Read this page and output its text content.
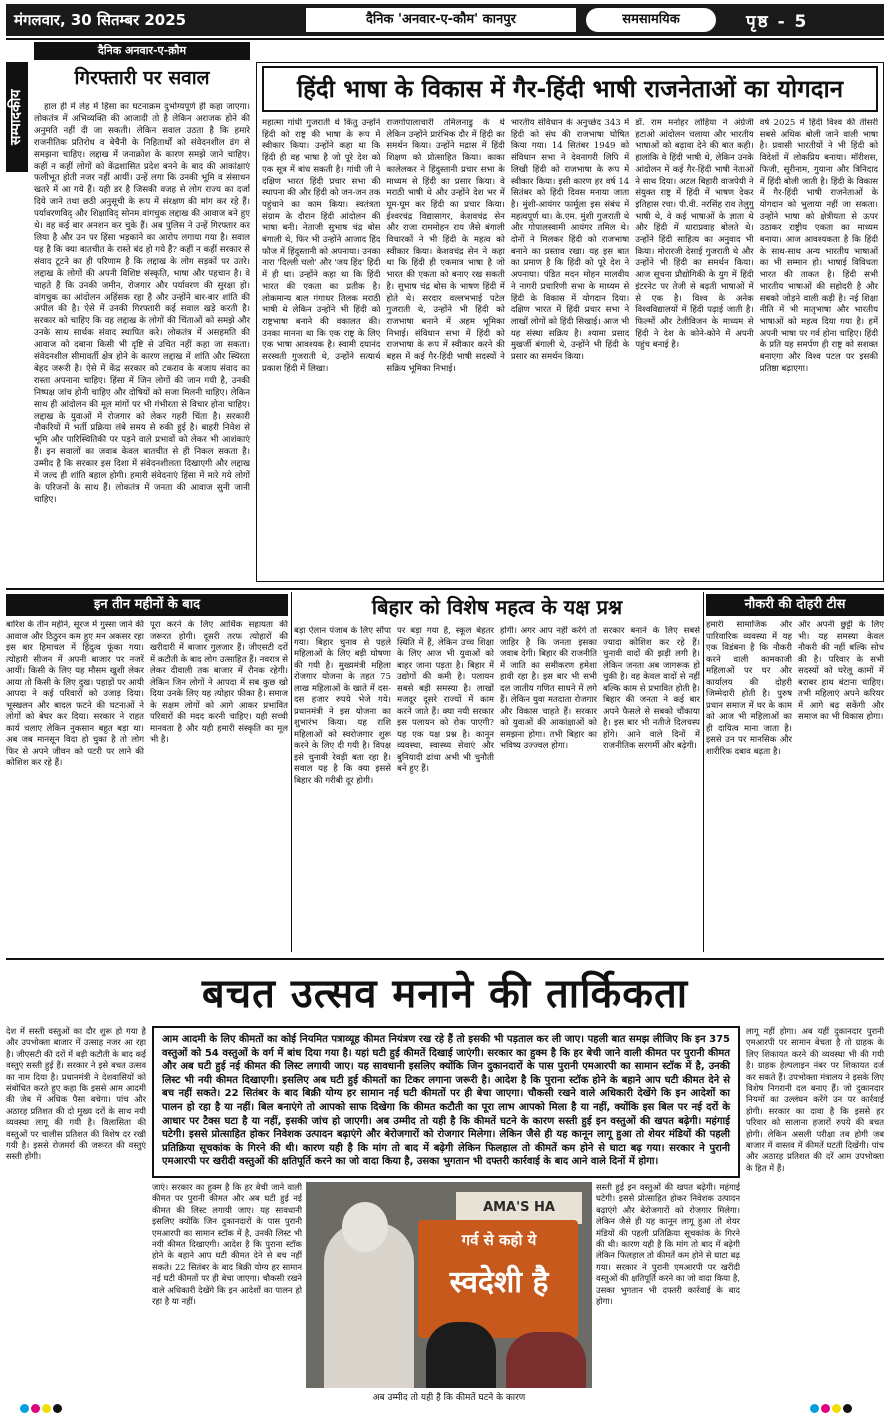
मंगलवार, 30 सितम्बर 2025	दैनिक 'अनवार-ए-कौम' कानपुर	समसामयिक	पृष्ठ - 5
सम्पादकीय
दैनिक अनवार-ए-क़ौम
गिरफ्तारी पर सवाल

हाल ही में लेह में हिंसा का घटनाक्रम दुर्भाग्यपूर्ण ही कहा जाएगा। लोकतंत्र में अभिव्यक्ति की आजादी तो है लेकिन अराजक होने की अनुमति नहीं दी जा सकती। लेकिन सवाल उठता है कि हमारे राजनीतिक प्रतिरोध व बेचैनी के निहितार्थों को संवेदनशील ढंग से समझना चाहिए। लद्दाख में जनाक्रोश के कारण समझे जाने चाहिए। कहीं न कहीं लोगों को केंद्रशासित प्रदेश बनने के बाद की आकांक्षाएं फलीभूत होती नजर नहीं आयीं। उन्हें लगा कि उनकी भूमि व संसाधन खतरे में आ गये हैं। यही डर है जिसकी वजह से लोग राज्य का दर्जा दिये जाने तथा छठी अनुसूची के रूप में संरक्षण की मांग कर रहे हैं। पर्यावरणविद् और शिक्षाविद् सोनम वांगचुक लद्दाख की आवाज बने हुए थे। वह कई बार अनशन कर चुके हैं। अब पुलिस ने उन्हें गिरफ्तार कर लिया है और उन पर हिंसा भड़काने का आरोप लगाया गया है। सवाल यह है कि क्या बातचीत के रास्ते बंद हो गये हैं? कहीं न कहीं सरकार से संवाद टूटने का ही परिणाम है कि लद्दाख के लोग सड़कों पर उतरे। लद्दाख के लोगों की अपनी विशिष्ट संस्कृति, भाषा और पहचान है। वे चाहते हैं कि उनकी जमीन, रोजगार और पर्यावरण की सुरक्षा हो। वांगचुक का आंदोलन अहिंसक रहा है और उन्होंने बार-बार शांति की अपील की है। ऐसे में उनकी गिरफ्तारी कई सवाल खड़े करती है। सरकार को चाहिए कि वह लद्दाख के लोगों की चिंताओं को समझे और उनके साथ सार्थक संवाद स्थापित करे। लोकतंत्र में असहमति की आवाज को दबाना किसी भी दृष्टि से उचित नहीं कहा जा सकता। संवेदनशील सीमावर्ती क्षेत्र होने के कारण लद्दाख में शांति और स्थिरता बेहद जरूरी है। ऐसे में केंद्र सरकार को टकराव के बजाय संवाद का रास्ता अपनाना चाहिए। हिंसा में जिन लोगों की जान गयी है, उनकी निष्पक्ष जांच होनी चाहिए और दोषियों को सजा मिलनी चाहिए। लेकिन साथ ही आंदोलन की मूल मांगों पर भी गंभीरता से विचार होना चाहिए। लद्दाख के युवाओं में रोजगार को लेकर गहरी चिंता है। सरकारी नौकरियों में भर्ती प्रक्रिया लंबे समय से रुकी हुई है। बाहरी निवेश से भूमि और पारिस्थितिकी पर पड़ने वाले प्रभावों को लेकर भी आशंकाएं हैं। इन सवालों का जवाब केवल बातचीत से ही निकल सकता है। उम्मीद है कि सरकार इस दिशा में संवेदनशीलता दिखाएगी और लद्दाख में जल्द ही शांति बहाल होगी। हमारी संवेदनाएं हिंसा में मारे गये लोगों के परिजनों के साथ हैं। लोकतंत्र में जनता की आवाज सुनी जानी चाहिए।

हिंदी भाषा के विकास में गैर-हिंदी भाषी राजनेताओं का योगदान
महात्मा गांधी गुजराती थे किंतु उन्होंने हिंदी को राष्ट्र की भाषा के रूप में स्वीकार किया। उन्होंने कहा था कि हिंदी ही वह भाषा है जो पूरे देश को एक सूत्र में बांध सकती है। गांधी जी ने दक्षिण भारत हिंदी प्रचार सभा की स्थापना की और हिंदी को जन-जन तक पहुंचाने का काम किया। स्वतंत्रता संग्राम के दौरान हिंदी आंदोलन की भाषा बनी। नेताजी सुभाष चंद्र बोस बंगाली थे, फिर भी उन्होंने आजाद हिंद फौज में हिंदुस्तानी को अपनाया। उनका नारा 'दिल्ली चलो' और 'जय हिंद' हिंदी में ही था। उन्होंने कहा था कि हिंदी भारत की एकता का प्रतीक है। लोकमान्य बाल गंगाधर तिलक मराठी भाषी थे लेकिन उन्होंने भी हिंदी को राष्ट्रभाषा बनाने की वकालत की। उनका मानना था कि एक राष्ट्र के लिए एक भाषा आवश्यक है। स्वामी दयानंद सरस्वती गुजराती थे, उन्होंने सत्यार्थ प्रकाश हिंदी में लिखा।
राजगोपालाचारी तमिलनाडु के थे लेकिन उन्होंने प्रारंभिक दौर में हिंदी का समर्थन किया। उन्होंने मद्रास में हिंदी शिक्षण को प्रोत्साहित किया। काका कालेलकर ने हिंदुस्तानी प्रचार सभा के माध्यम से हिंदी का प्रसार किया। वे मराठी भाषी थे और उन्होंने देश भर में घूम-घूम कर हिंदी का प्रचार किया। ईश्वरचंद्र विद्यासागर, केशवचंद्र सेन और राजा राममोहन राय जैसे बंगाली विचारकों ने भी हिंदी के महत्व को स्वीकार किया। केशवचंद्र सेन ने कहा था कि हिंदी ही एकमात्र भाषा है जो भारत की एकता को बनाए रख सकती है। सुभाष चंद्र बोस के भाषण हिंदी में होते थे। सरदार वल्लभभाई पटेल गुजराती थे, उन्होंने भी हिंदी को राजभाषा बनाने में अहम भूमिका निभाई। संविधान सभा में हिंदी को राजभाषा के रूप में स्वीकार करने की बहस में कई गैर-हिंदी भाषी सदस्यों ने सक्रिय भूमिका निभाई।
भारतीय संविधान के अनुच्छेद 343 में हिंदी को संघ की राजभाषा घोषित किया गया। 14 सितंबर 1949 को संविधान सभा ने देवनागरी लिपि में लिखी हिंदी को राजभाषा के रूप में स्वीकार किया। इसी कारण हर वर्ष 14 सितंबर को हिंदी दिवस मनाया जाता है। मुंशी-आयंगर फार्मूला इस संबंध में महत्वपूर्ण था। के.एम. मुंशी गुजराती थे और गोपालस्वामी आयंगर तमिल थे। दोनों ने मिलकर हिंदी को राजभाषा बनाने का प्रस्ताव रखा। यह इस बात का प्रमाण है कि हिंदी को पूरे देश ने अपनाया। पंडित मदन मोहन मालवीय ने नागरी प्रचारिणी सभा के माध्यम से हिंदी के विकास में योगदान दिया। दक्षिण भारत में हिंदी प्रचार सभा ने लाखों लोगों को हिंदी सिखाई। आज भी यह संस्था सक्रिय है। श्यामा प्रसाद मुखर्जी बंगाली थे, उन्होंने भी हिंदी के प्रसार का समर्थन किया।
डॉ. राम मनोहर लोहिया ने अंग्रेजी हटाओ आंदोलन चलाया और भारतीय भाषाओं को बढ़ावा देने की बात कही। हालांकि वे हिंदी भाषी थे, लेकिन उनके आंदोलन में कई गैर-हिंदी भाषी नेताओं ने साथ दिया। अटल बिहारी वाजपेयी ने संयुक्त राष्ट्र में हिंदी में भाषण देकर इतिहास रचा। पी.वी. नरसिंह राव तेलुगु भाषी थे, वे कई भाषाओं के ज्ञाता थे और हिंदी में धाराप्रवाह बोलते थे। उन्होंने हिंदी साहित्य का अनुवाद भी किया। मोरारजी देसाई गुजराती थे और उन्होंने भी हिंदी का समर्थन किया। आज सूचना प्रौद्योगिकी के युग में हिंदी इंटरनेट पर तेजी से बढ़ती भाषाओं में से एक है। विश्व के अनेक विश्वविद्यालयों में हिंदी पढ़ाई जाती है। फिल्मों और टेलीविजन के माध्यम से हिंदी ने देश के कोने-कोने में अपनी पहुंच बनाई है।
वर्ष 2025 में हिंदी विश्व की तीसरी सबसे अधिक बोली जाने वाली भाषा है। प्रवासी भारतीयों ने भी हिंदी को विदेशों में लोकप्रिय बनाया। मॉरीशस, फिजी, सूरीनाम, गुयाना और त्रिनिदाद में हिंदी बोली जाती है। हिंदी के विकास में गैर-हिंदी भाषी राजनेताओं के योगदान को भुलाया नहीं जा सकता। उन्होंने भाषा को क्षेत्रीयता से ऊपर उठाकर राष्ट्रीय एकता का माध्यम बनाया। आज आवश्यकता है कि हिंदी के साथ-साथ अन्य भारतीय भाषाओं का भी सम्मान हो। भाषाई विविधता भारत की ताकत है। हिंदी सभी भारतीय भाषाओं की सहोदरी है और सबको जोड़ने वाली कड़ी है। नई शिक्षा नीति में भी मातृभाषा और भारतीय भाषाओं को महत्व दिया गया है। हमें अपनी भाषा पर गर्व होना चाहिए। हिंदी के प्रति यह समर्पण ही राष्ट्र को सशक्त बनाएगा और विश्व पटल पर इसकी प्रतिष्ठा बढ़ाएगा।
इन तीन महीनों के बाद
बारिश के तीन महीने, सूरज में गुस्सा जाने की आवाज और ठिठुरन कम हुए मन अकसर रहा इस बार हिमाचल में हिंदुत्व फूंका गया। त्योहारी सीजन में अपनी बाजार पर नजरें आयीं। किसी के लिए यह मौसम खुशी लेकर आया तो किसी के लिए दुख। पहाड़ों पर आयी आपदा ने कई परिवारों को उजाड़ दिया। भूस्खलन और बादल फटने की घटनाओं ने लोगों को बेघर कर दिया। सरकार ने राहत कार्य चलाए लेकिन नुकसान बहुत बड़ा था। अब जब मानसून विदा हो चुका है तो लोग फिर से अपने जीवन को पटरी पर लाने की कोशिश कर रहे हैं।
पूरा करने के लिए आर्थिक सहायता की जरूरत होगी। दूसरी तरफ त्योहारों की खरीदारी में बाजार गुलजार हैं। जीएसटी दरों में कटौती के बाद लोग उत्साहित हैं। नवरात्र से लेकर दीवाली तक बाजार में रौनक रहेगी। लेकिन जिन लोगों ने आपदा में सब कुछ खो दिया उनके लिए यह त्योहार फीका है। समाज के सक्षम लोगों को आगे आकर प्रभावित परिवारों की मदद करनी चाहिए। यही सच्ची मानवता है और यही हमारी संस्कृति का मूल भी है।
बिहार को विशेष महत्व के यक्ष प्रश्न
बड़ा ऐलान पंजाब के लिए सौंपा गया। बिहार चुनाव से पहले महिलाओं के लिए बड़ी घोषणा की गयी है। मुख्यमंत्री महिला रोजगार योजना के तहत 75 लाख महिलाओं के खाते में दस-दस हजार रुपये भेजे गये। प्रधानमंत्री ने इस योजना का शुभारंभ किया। यह राशि महिलाओं को स्वरोजगार शुरू करने के लिए दी गयी है। विपक्ष इसे चुनावी रेवड़ी बता रहा है। सवाल यह है कि क्या इससे बिहार की गरीबी दूर होगी।
पर बड़ा गया है, स्कूल बेहतर स्थिति में हैं, लेकिन उच्च शिक्षा के लिए आज भी युवाओं को बाहर जाना पड़ता है। बिहार में उद्योगों की कमी है। पलायन सबसे बड़ी समस्या है। लाखों मजदूर दूसरे राज्यों में काम करने जाते हैं। क्या नयी सरकार इस पलायन को रोक पाएगी? यह एक यक्ष प्रश्न है। कानून व्यवस्था, स्वास्थ्य सेवाएं और बुनियादी ढांचा अभी भी चुनौती बने हुए हैं।
होगी। अगर आप नहीं करेंगे तो जाहिर है कि जनता इसका जवाब देगी। बिहार की राजनीति में जाति का समीकरण हमेशा हावी रहा है। इस बार भी सभी दल जातीय गणित साधने में लगे हैं। लेकिन युवा मतदाता रोजगार और विकास चाहते हैं। सरकार को युवाओं की आकांक्षाओं को समझना होगा। तभी बिहार का भविष्य उज्ज्वल होगा।
सरकार बनाने के लिए सबसे ज्यादा कोशिश कर रहे हैं। चुनावी वादों की झड़ी लगी है। लेकिन जनता अब जागरूक हो चुकी है। वह केवल वादों से नहीं बल्कि काम से प्रभावित होती है। बिहार की जनता ने कई बार अपने फैसले से सबको चौंकाया है। इस बार भी नतीजे दिलचस्प होंगे। आने वाले दिनों में राजनीतिक सरगर्मी और बढ़ेगी।
नौकरी की दोहरी टीस
हमारी सामाजिक और पारिवारिक व्यवस्था में यह एक विडंबना है कि नौकरी करने वाली कामकाजी महिलाओं पर घर और कार्यालय की दोहरी जिम्मेदारी होती है। पुरुष प्रधान समाज में घर के काम को आज भी महिलाओं का ही दायित्व माना जाता है। इससे उन पर मानसिक और शारीरिक दबाव बढ़ता है।
और अपनी छुट्टी के लिए भी। यह समस्या केवल नौकरी की नहीं बल्कि सोच की है। परिवार के सभी सदस्यों को घरेलू कामों में बराबर हाथ बंटाना चाहिए। तभी महिलाएं अपने करियर में आगे बढ़ सकेंगी और समाज का भी विकास होगा।
बचत उत्सव मनाने की तार्किकता
देश में सस्ती वस्तुओं का दौर शुरू हो गया है और उपभोक्ता बाजार में उत्साह नजर आ रहा है। जीएसटी की दरों में बड़ी कटौती के बाद कई वस्तुएं सस्ती हुई हैं। सरकार ने इसे बचत उत्सव का नाम दिया है। प्रधानमंत्री ने देशवासियों को संबोधित करते हुए कहा कि इससे आम आदमी की जेब में अधिक पैसा बचेगा। पांच और अठारह प्रतिशत की दो मुख्य दरों के साथ नयी व्यवस्था लागू की गयी है। विलासिता की वस्तुओं पर चालीस प्रतिशत की विशेष दर रखी गयी है। इससे रोजमर्रा की जरूरत की वस्तुएं सस्ती होंगी।
आम आदमी के लिए कीमतों का कोई नियमित पत्राव्यूह कीमत नियंत्रण रख रहे हैं तो इसकी भी पड़ताल कर ली जाए। पहली बात समझ लीजिए कि इन 375 वस्तुओं को 54 वस्तुओं के वर्ग में बांध दिया गया है। यहां घटी हुई कीमतें दिखाई जाएंगी। सरकार का हुक्म है कि हर बेची जाने वाली कीमत पर पुरानी कीमत और अब घटी हुई नई कीमत की लिस्ट लगायी जाए। यह सावधानी इसलिए क्योंकि जिन दुकानदारों के पास पुरानी एमआरपी का सामान स्टॉक में है, उनकी लिस्ट भी नयी कीमत दिखाएगी। इसलिए अब घटी हुई कीमतों का टिकर लगाना जरूरी है। आदेश है कि पुराना स्टॉक होने के बहाने आप घटी कीमत देने से बच नहीं सकते। 22 सितंबर के बाद बिक्री योग्य हर सामान नई घटी कीमतों पर ही बेचा जाएगा। चौकसी रखने वाले अधिकारी देखेंगे कि इन आदेशों का पालन हो रहा है या नहीं। बिल बनाएंगे तो आपको साफ दिखेगा कि कीमत कटौती का पूरा लाभ आपको मिला है या नहीं, क्योंकि इस बिल पर नई दरों के आधार पर टैक्स घटा है या नहीं, इसकी जांच हो जाएगी। अब उम्मीद तो यही है कि कीमतें घटने के कारण सस्ती हुई इन वस्तुओं की खपत बढ़ेगी। महंगाई घटेगी। इससे प्रोत्साहित होकर निवेशक उत्पादन बढ़ाएंगे और बेरोजगारों को रोजगार मिलेगा। लेकिन जैसे ही यह कानून लागू हुआ तो शेयर मंडियों की पहली प्रतिक्रिया सूचकांक के गिरने की थी। कारण यही है कि मांग तो बाद में बढ़ेगी लेकिन फिलहाल तो कीमतें कम होने से घाटा बढ़ गया। सरकार ने पुरानी एमआरपी पर खरीदी वस्तुओं की क्षतिपूर्ति करने का जो वादा किया है, उसका भुगतान भी दफ्तरी कार्रवाई के बाद आने वाले दिनों में होगा।
जाएं। सरकार का हुक्म है कि हर बेची जाने वाली कीमत पर पुरानी कीमत और अब घटी हुई नई कीमत की लिस्ट लगायी जाए। यह सावधानी इसलिए क्योंकि जिन दुकानदारों के पास पुरानी एमआरपी का सामान स्टॉक में है, उनकी लिस्ट भी नयी कीमत दिखाएगी। आदेश है कि पुराना स्टॉक होने के बहाने आप घटी कीमत देने से बच नहीं सकते। 22 सितंबर के बाद बिक्री योग्य हर सामान नई घटी कीमतों पर ही बेचा जाएगा। चौकसी रखने वाले अधिकारी देखेंगे कि इन आदेशों का पालन हो रहा है या नहीं।
AMA'S HA
गर्व से कहो ये
स्वदेशी है
अब उम्मीद तो यही है कि कीमतें घटने के कारण
सस्ती हुई इन वस्तुओं की खपत बढ़ेगी। महंगाई घटेगी। इससे प्रोत्साहित होकर निवेशक उत्पादन बढ़ाएंगे और बेरोजगारों को रोजगार मिलेगा। लेकिन जैसे ही यह कानून लागू हुआ तो शेयर मंडियों की पहली प्रतिक्रिया सूचकांक के गिरने की थी। कारण यही है कि मांग तो बाद में बढ़ेगी लेकिन फिलहाल तो कीमतें कम होने से घाटा बढ़ गया। सरकार ने पुरानी एमआरपी पर खरीदी वस्तुओं की क्षतिपूर्ति करने का जो वादा किया है, उसका भुगतान भी दफ्तरी कार्रवाई के बाद होगा।
लागू नहीं होगा। अब यहीं दुकानदार पुरानी एमआरपी पर सामान बेचता है तो ग्राहक के लिए शिकायत करने की व्यवस्था भी की गयी है। ग्राहक हेल्पलाइन नंबर पर शिकायत दर्ज कर सकते हैं। उपभोक्ता मंत्रालय ने इसके लिए विशेष निगरानी दल बनाए हैं। जो दुकानदार नियमों का उल्लंघन करेंगे उन पर कार्रवाई होगी। सरकार का दावा है कि इससे हर परिवार को सालाना हजारों रुपये की बचत होगी। लेकिन असली परीक्षा तब होगी जब बाजार में वास्तव में कीमतें घटती दिखेंगी। पांच और अठारह प्रतिशत की दरें आम उपभोक्ता के हित में हैं।
